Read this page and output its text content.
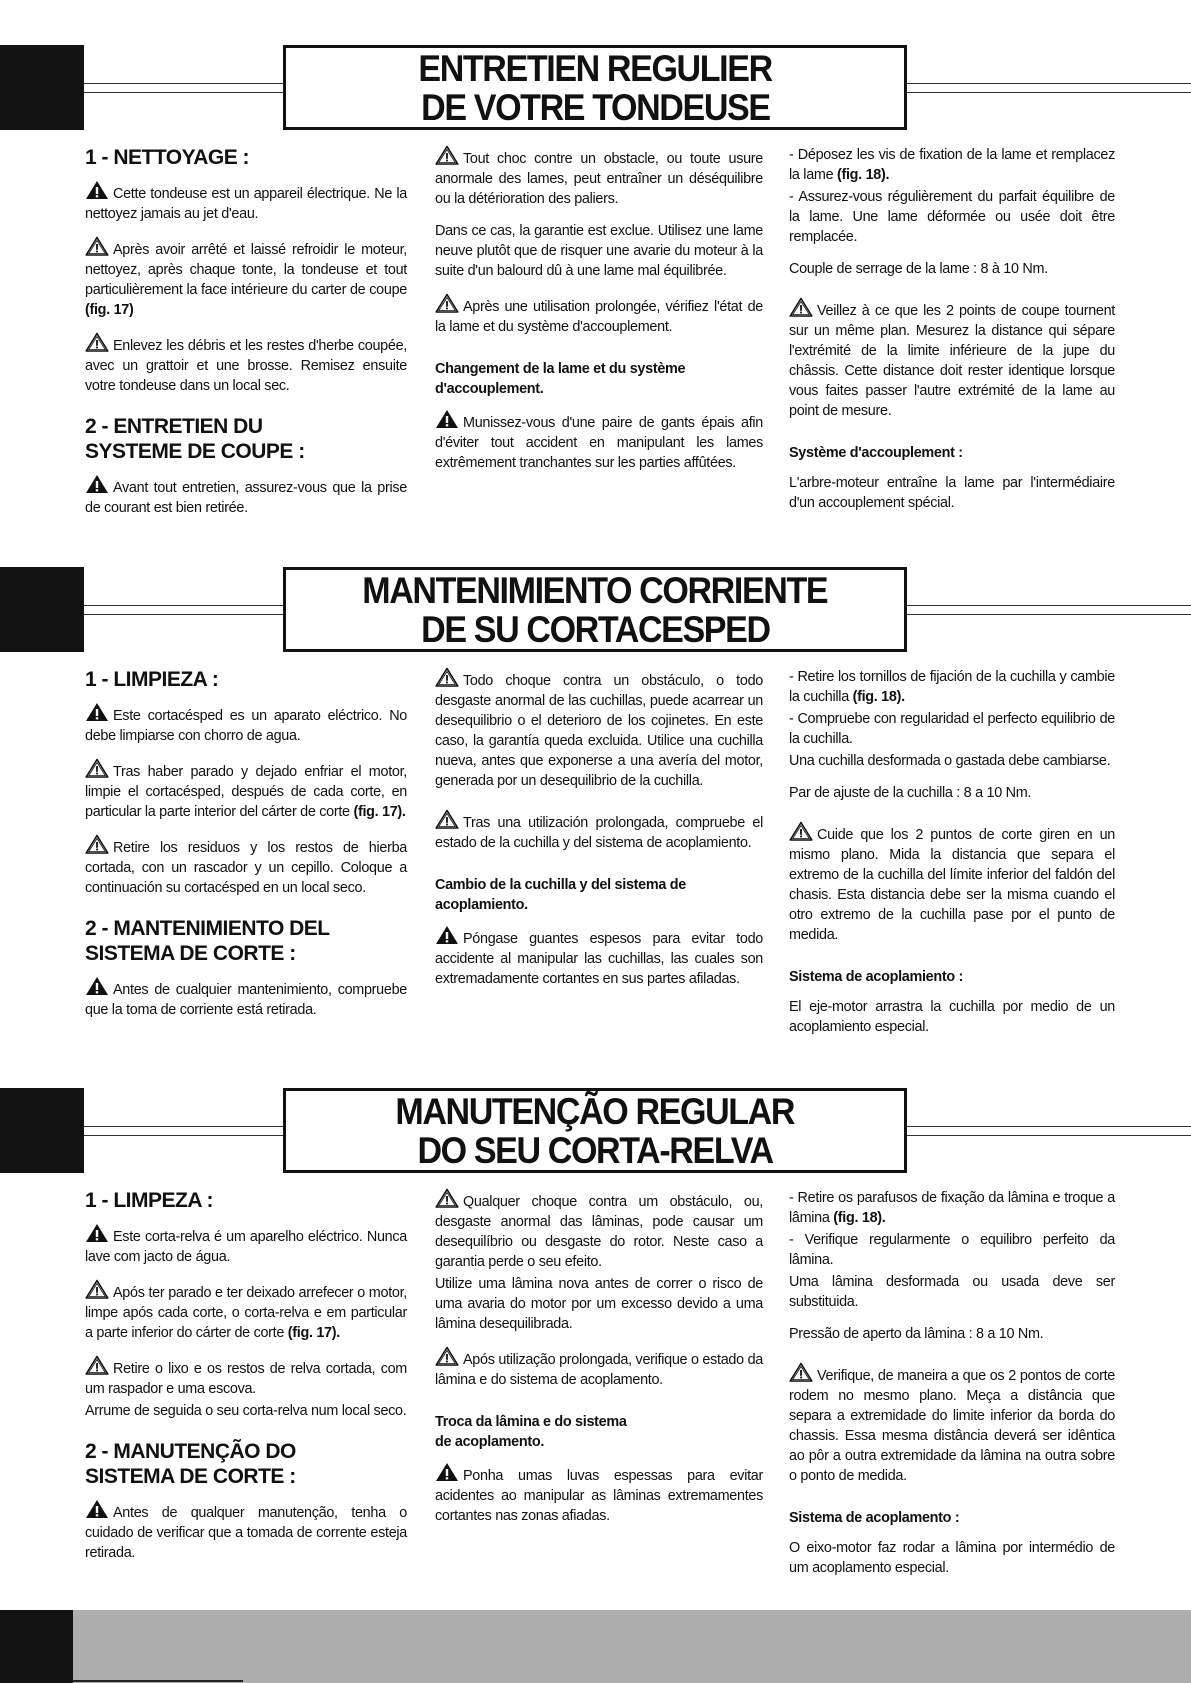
ENTRETIEN REGULIER
DE VOTRE TONDEUSE
1 - NETTOYAGE :

Cette tondeuse est un appareil électrique. Ne la nettoyez jamais au jet d'eau.

Après avoir arrêté et laissé refroidir le moteur, nettoyez, après chaque tonte, la tondeuse et tout particulièrement la face intérieure du carter de coupe (fig. 17)

Enlevez les débris et les restes d'herbe coupée, avec un grattoir et une brosse. Remisez ensuite votre tondeuse dans un local sec.

2 - ENTRETIEN DU
SYSTEME DE COUPE :

Avant tout entretien, assurez-vous que la prise de courant est bien retirée.

Tout choc contre un obstacle, ou toute usure anormale des lames, peut entraîner un déséquilibre ou la détérioration des paliers.

Dans ce cas, la garantie est exclue. Utilisez une lame neuve plutôt que de risquer une avarie du moteur à la suite d'un balourd dû à une lame mal équilibrée.

Après une utilisation prolongée, vérifiez l'état de la lame et du système d'accouplement.

Changement de la lame et du système d'accouplement.

Munissez-vous d'une paire de gants épais afin d'éviter tout accident en manipulant les lames extrêmement tranchantes sur les parties affûtées.

- Déposez les vis de fixation de la lame et remplacez la lame (fig. 18).

- Assurez-vous régulièrement du parfait équilibre de la lame. Une lame déformée ou usée doit être remplacée.

Couple de serrage de la lame : 8 à 10 Nm.

Veillez à ce que les 2 points de coupe tournent sur un même plan. Mesurez la distance qui sépare l'extrémité de la limite inférieure de la jupe du châssis. Cette distance doit rester identique lorsque vous faites passer l'autre extrémité de la lame au point de mesure.

Système d'accouplement :

L'arbre-moteur entraîne la lame par l'intermédiaire d'un accouplement spécial.

MANTENIMIENTO CORRIENTE
DE SU CORTACESPED
1 - LIMPIEZA :

Este cortacésped es un aparato eléctrico. No debe limpiarse con chorro de agua.

Tras haber parado y dejado enfriar el motor, limpie el cortacésped, después de cada corte, en particular la parte interior del cárter de corte (fig. 17).

Retire los residuos y los restos de hierba cortada, con un rascador y un cepillo. Coloque a continuación su cortacésped en un local seco.

2 - MANTENIMIENTO DEL
SISTEMA DE CORTE :

Antes de cualquier mantenimiento, compruebe que la toma de corriente está retirada.

Todo choque contra un obstáculo, o todo desgaste anormal de las cuchillas, puede acarrear un desequilibrio o el deterioro de los cojinetes. En este caso, la garantía queda excluida. Utilice una cuchilla nueva, antes que exponerse a una avería del motor, generada por un desequilibrio de la cuchilla.

Tras una utilización prolongada, compruebe el estado de la cuchilla y del sistema de acoplamiento.

Cambio de la cuchilla y del sistema de acoplamiento.

Póngase guantes espesos para evitar todo accidente al manipular las cuchillas, las cuales son extremadamente cortantes en sus partes afiladas.

- Retire los tornillos de fijación de la cuchilla y cambie la cuchilla (fig. 18).

- Compruebe con regularidad el perfecto equilibrio de la cuchilla.

Una cuchilla desformada o gastada debe cambiarse.

Par de ajuste de la cuchilla : 8 a 10 Nm.

Cuide que los 2 puntos de corte giren en un mismo plano. Mida la distancia que separa el extremo de la cuchilla del límite inferior del faldón del chasis. Esta distancia debe ser la misma cuando el otro extremo de la cuchilla pase por el punto de medida.

Sistema de acoplamiento :

El eje-motor arrastra la cuchilla por medio de un acoplamiento especial.

MANUTENÇÃO REGULAR
DO SEU CORTA-RELVA
1 - LIMPEZA :

Este corta-relva é um aparelho eléctrico. Nunca lave com jacto de água.

Após ter parado e ter deixado arrefecer o motor, limpe após cada corte, o corta-relva e em particular a parte inferior do cárter de corte (fig. 17).

Retire o lixo e os restos de relva cortada, com um raspador e uma escova.

Arrume de seguida o seu corta-relva num local seco.

2 - MANUTENÇÃO DO
SISTEMA DE CORTE :

Antes de qualquer manutenção, tenha o cuidado de verificar que a tomada de corrente esteja retirada.

Qualquer choque contra um obstáculo, ou, desgaste anormal das lâminas, pode causar um desequilíbrio ou desgaste do rotor. Neste caso a garantia perde o seu efeito.

Utilize uma lâmina nova antes de correr o risco de uma avaria do motor por um excesso devido a uma lâmina desequilibrada.

Após utilização prolongada, verifique o estado da lâmina e do sistema de acoplamento.

Troca da lâmina e do sistema
de acoplamento.

Ponha umas luvas espessas para evitar acidentes ao manipular as lâminas extremamentes cortantes nas zonas afiadas.

- Retire os parafusos de fixação da lâmina e troque a lâmina (fig. 18).

- Verifique regularmente o equilibro perfeito da lâmina.

Uma lâmina desformada ou usada deve ser substituida.

Pressão de aperto da lâmina : 8 a 10 Nm.

Verifique, de maneira a que os 2 pontos de corte rodem no mesmo plano. Meça a distância que separa a extremidade do limite inferior da borda do chassis. Essa mesma distância deverá ser idêntica ao pôr a outra extremidade da lâmina na outra sobre o ponto de medida.

Sistema de acoplamento :

O eixo-motor faz rodar a lâmina por intermédio de um acoplamento especial.
